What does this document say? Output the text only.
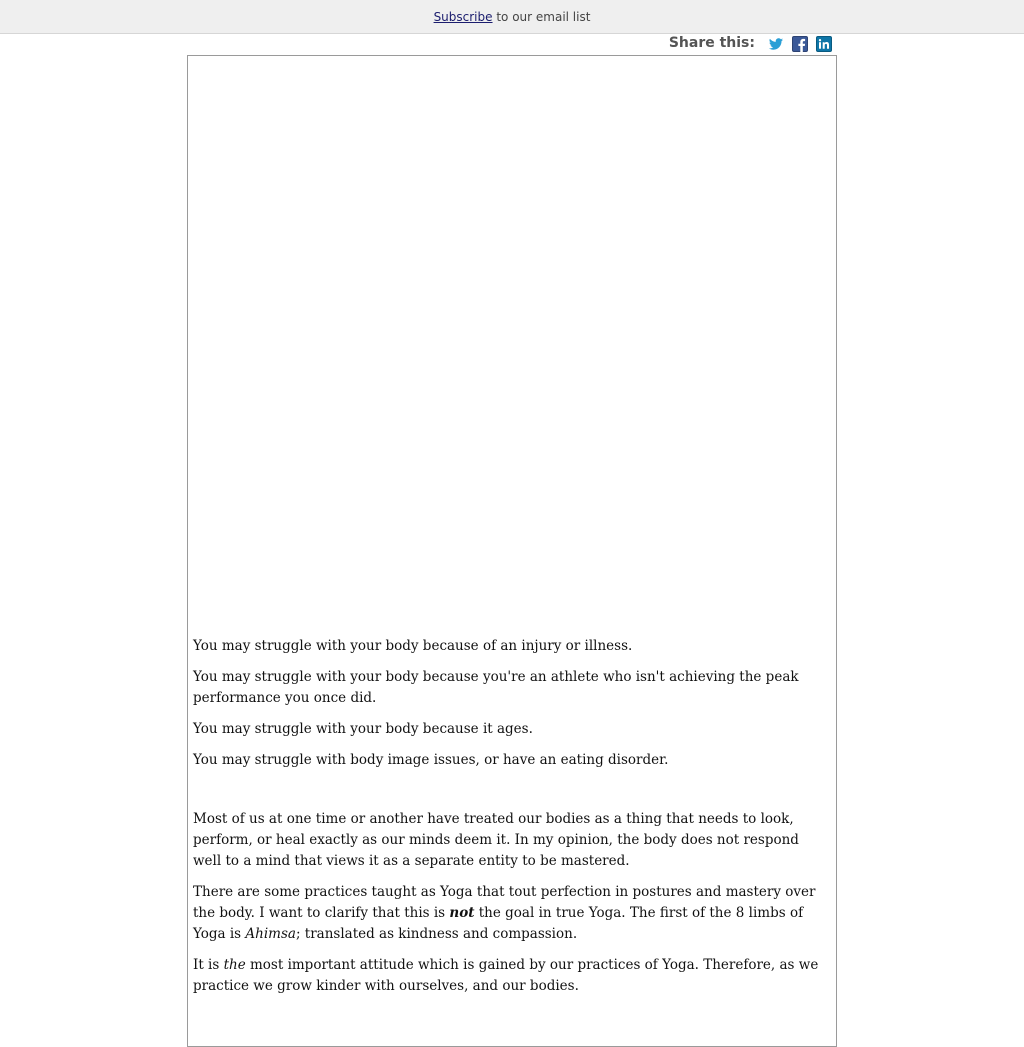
Subscribe to our email list
Share this:

You may struggle with your body because of an injury or illness.

You may struggle with your body because you're an athlete who isn't achieving the peak performance you once did.

You may struggle with your body because it ages.

You may struggle with body image issues, or have an eating disorder.

Most of us at one time or another have treated our bodies as a thing that needs to look, perform, or heal exactly as our minds deem it. In my opinion, the body does not respond well to a mind that views it as a separate entity to be mastered.

There are some practices taught as Yoga that tout perfection in postures and mastery over the body. I want to clarify that this is not the goal in true Yoga. The first of the 8 limbs of Yoga is Ahimsa; translated as kindness and compassion.

It is the most important attitude which is gained by our practices of Yoga. Therefore, as we practice we grow kinder with ourselves, and our bodies.
